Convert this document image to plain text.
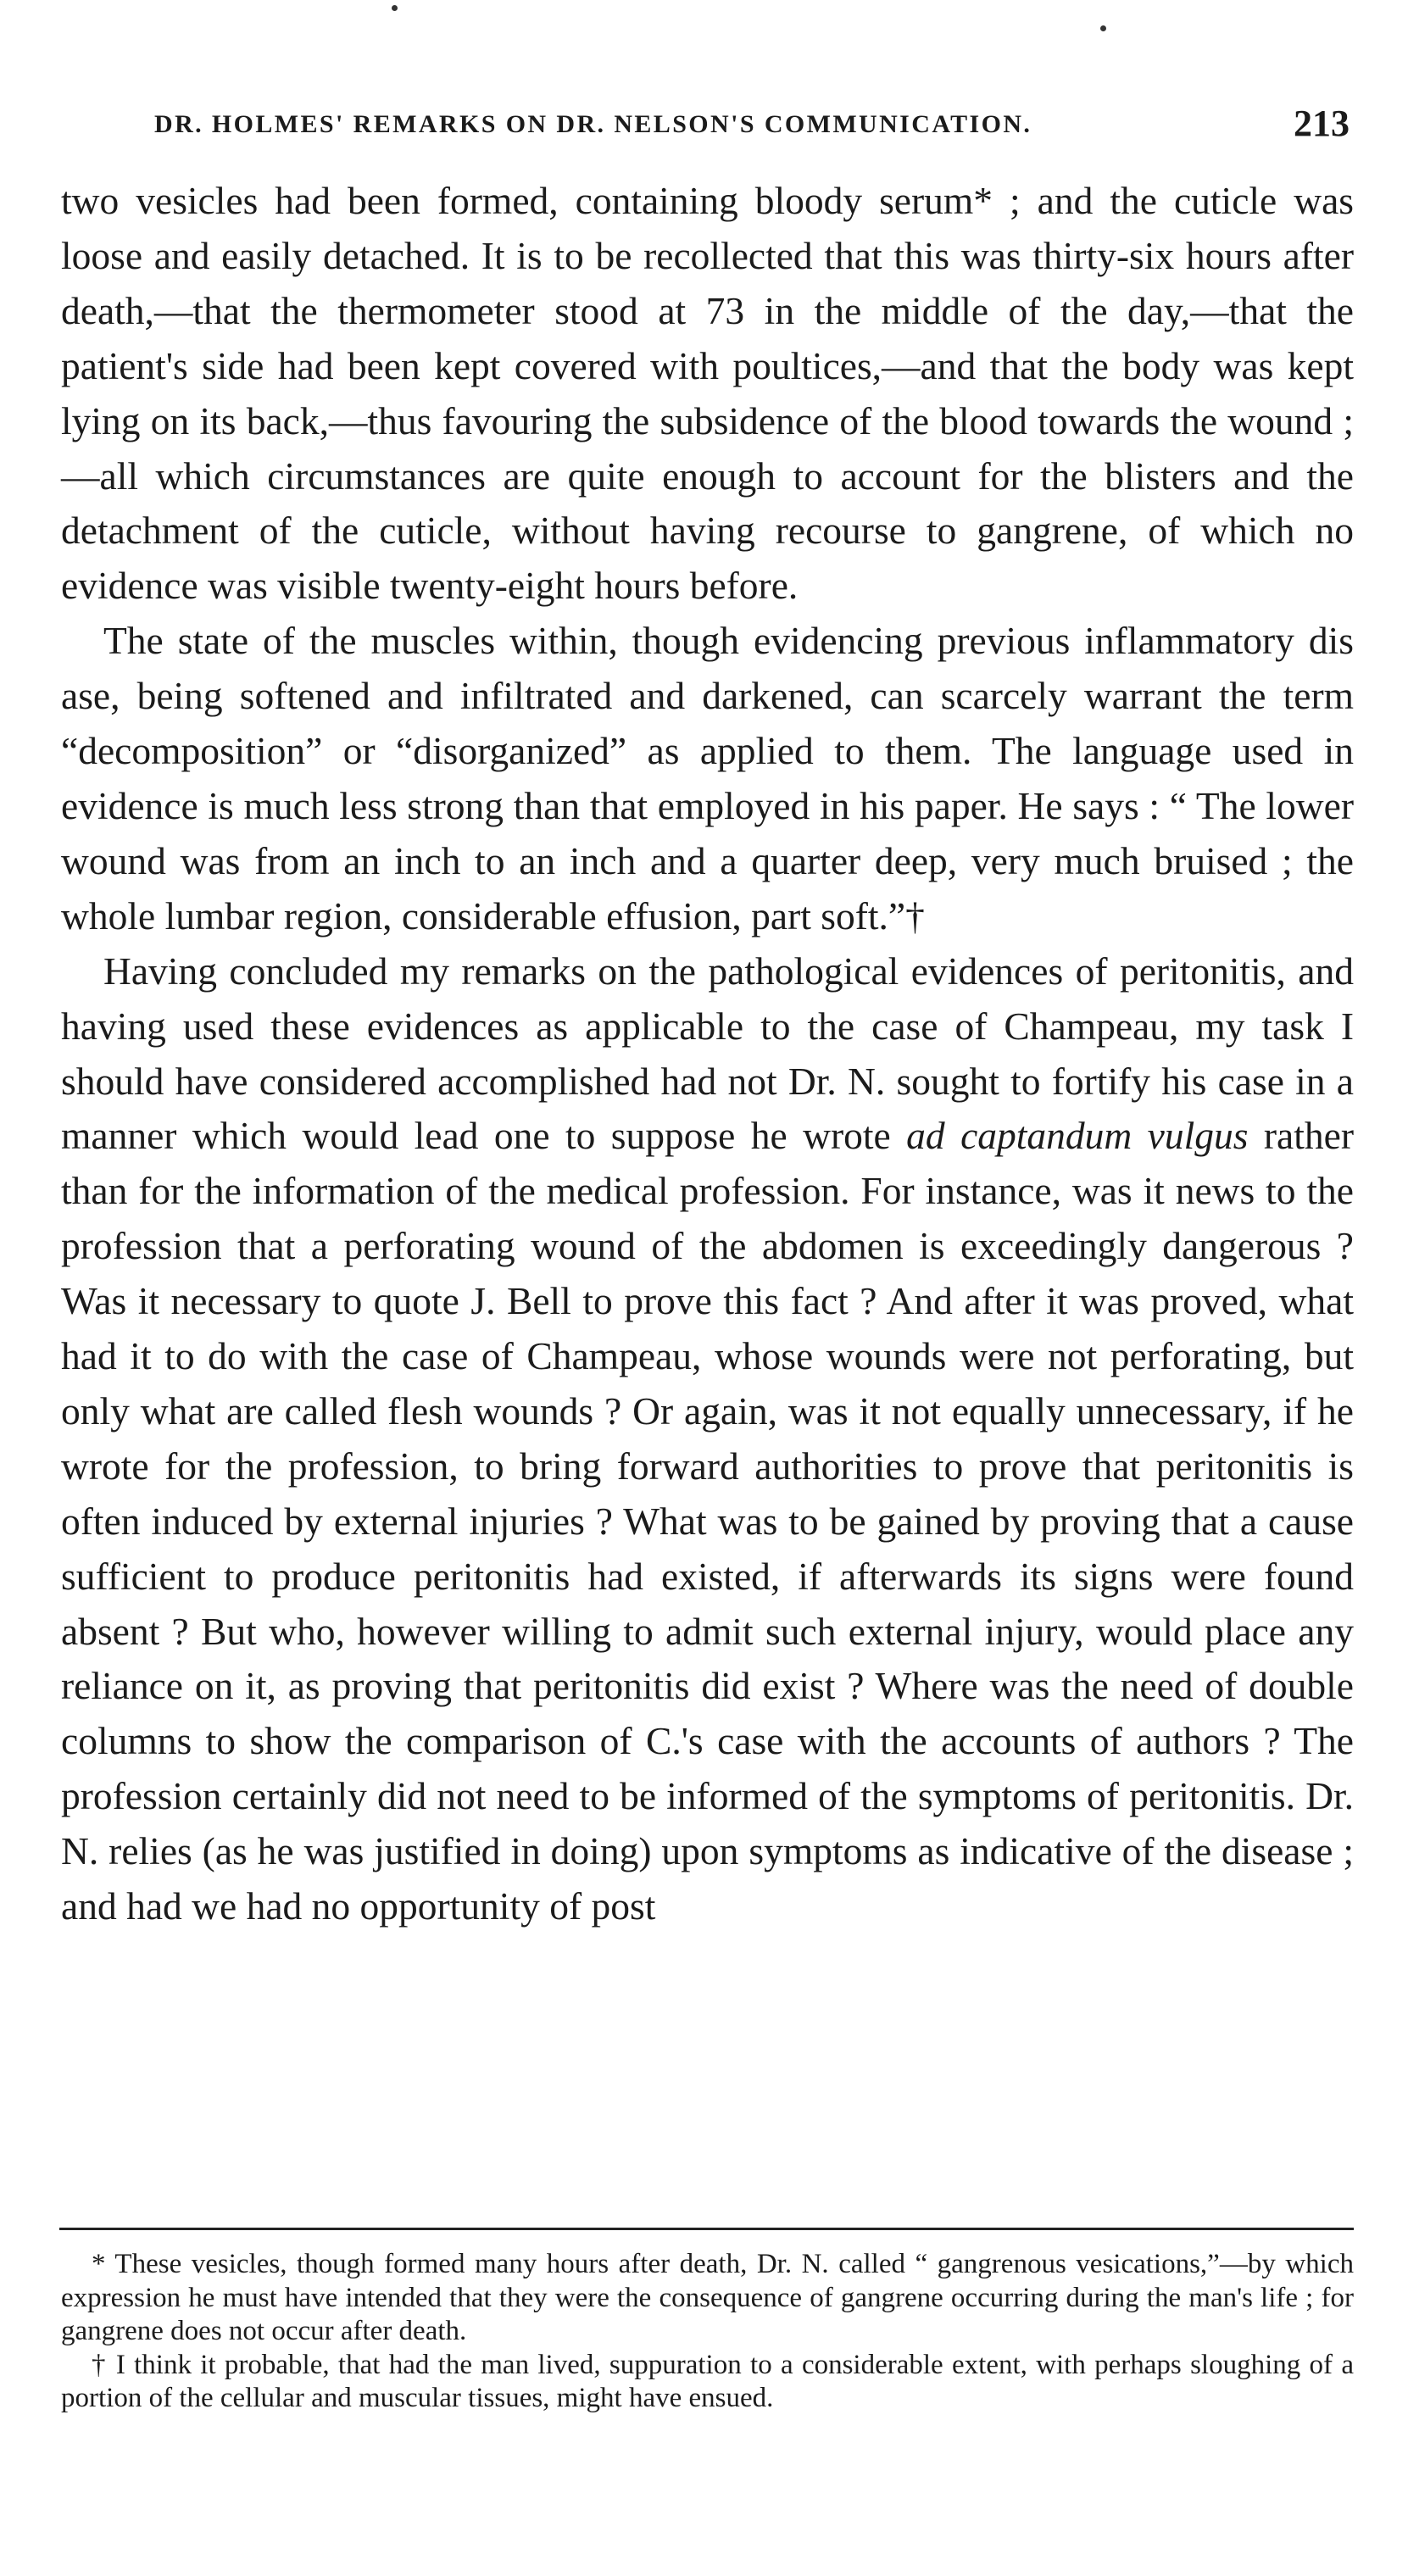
DR. HOLMES' REMARKS ON DR. NELSON'S COMMUNICATION.	213

two vesicles had been formed, containing bloody serum* ; and the cuticle was loose and easily detached. It is to be recollected that this was thirty-six hours after death,—that the thermometer stood at 73 in the middle of the day,—that the patient's side had been kept covered with poultices,—and that the body was kept lying on its back,—thus favouring the subsidence of the blood towards the wound ;—all which circumstances are quite enough to account for the blisters and the detachment of the cuticle, without having recourse to gangrene, of which no evidence was visible twenty-eight hours before.

The state of the muscles within, though evidencing previous inflammatory dis ase, being softened and infiltrated and darkened, can scarcely warrant the term “decomposition” or “disorganized” as applied to them. The language used in evidence is much less strong than that employed in his paper. He says : “ The lower wound was from an inch to an inch and a quarter deep, very much bruised ; the whole lumbar region, considerable effusion, part soft.”†

Having concluded my remarks on the pathological evidences of peritonitis, and having used these evidences as applicable to the case of Champeau, my task I should have considered accomplished had not Dr. N. sought to fortify his case in a manner which would lead one to suppose he wrote ad captandum vulgus rather than for the information of the medical profession. For instance, was it news to the profession that a perforating wound of the abdomen is exceedingly dangerous ? Was it necessary to quote J. Bell to prove this fact ? And after it was proved, what had it to do with the case of Champeau, whose wounds were not perforating, but only what are called flesh wounds ? Or again, was it not equally unnecessary, if he wrote for the profession, to bring forward authorities to prove that peritonitis is often induced by external injuries ? What was to be gained by proving that a cause sufficient to produce peritonitis had existed, if afterwards its signs were found absent ? But who, however willing to admit such external injury, would place any reliance on it, as proving that peritonitis did exist ? Where was the need of double columns to show the comparison of C.'s case with the accounts of authors ? The profession certainly did not need to be informed of the symptoms of peritonitis. Dr. N. relies (as he was justified in doing) upon symptoms as indicative of the disease ; and had we had no opportunity of post

* These vesicles, though formed many hours after death, Dr. N. called “ gangrenous vesications,”—by which expression he must have intended that they were the consequence of gangrene occurring during the man's life ; for gangrene does not occur after death.

† I think it probable, that had the man lived, suppuration to a considerable extent, with perhaps sloughing of a portion of the cellular and muscular tissues, might have ensued.
